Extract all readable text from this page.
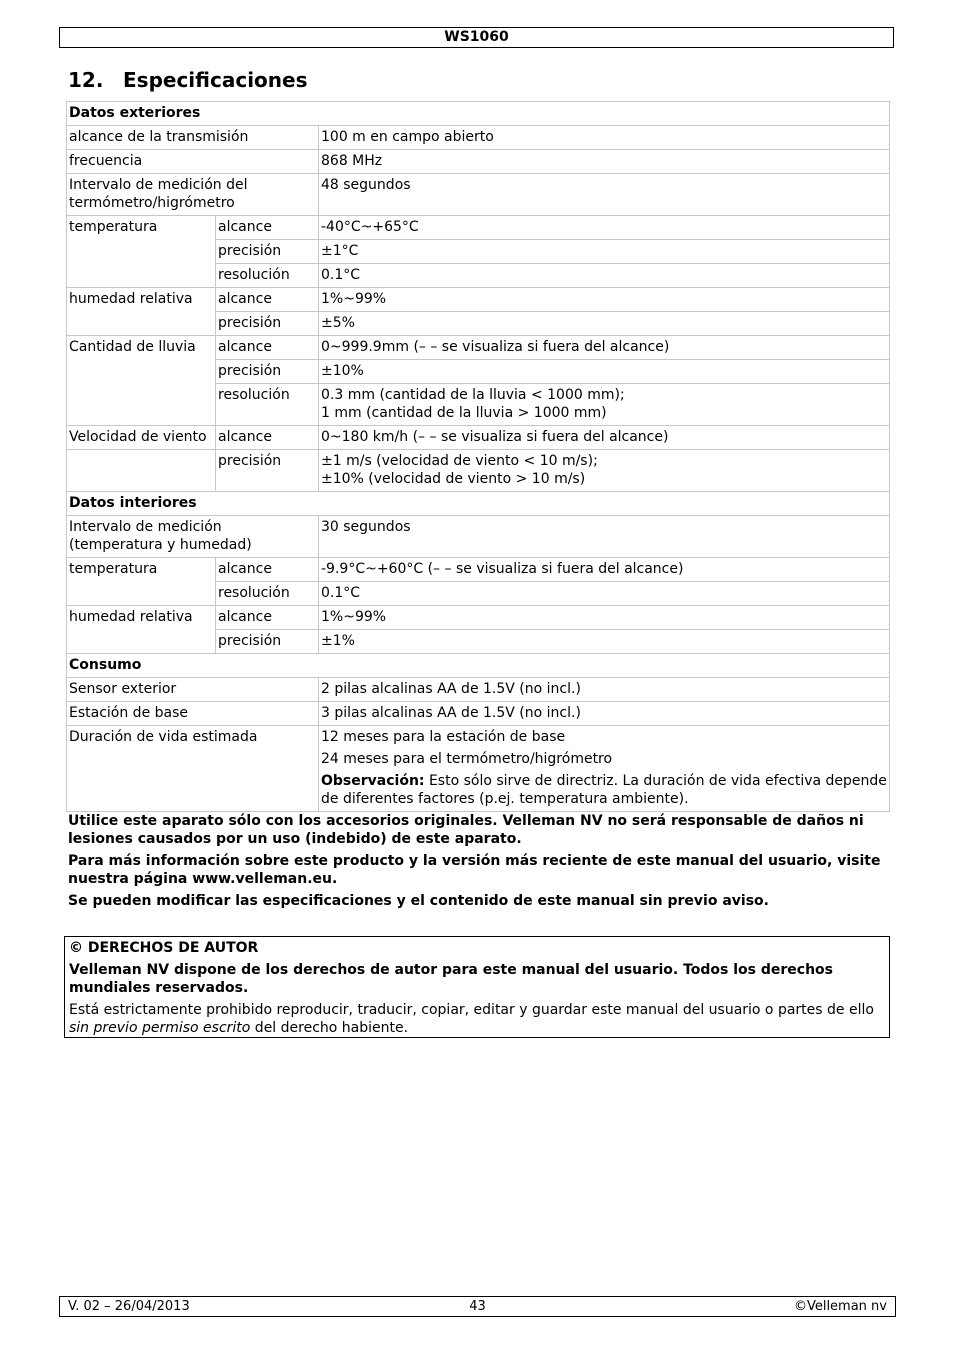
WS1060
12. Especificaciones
Datos exteriores		
alcance de la transmisión		100 m en campo abierto
frecuencia		868 MHz
Intervalo de medición del termómetro/higrómetro		48 segundos
temperatura	alcance	-40°C~+65°C
	precisión	±1°C
	resolución	0.1°C
humedad relativa	alcance	1%~99%
	precisión	±5%
Cantidad de lluvia	alcance	0~999.9mm (– – se visualiza si fuera del alcance)
	precisión	±10%
	resolución	0.3 mm (cantidad de la lluvia < 1000 mm);
1 mm (cantidad de la lluvia > 1000 mm)

Velocidad de viento	alcance	0~180 km/h (– – se visualiza si fuera del alcance)
	precisión	±1 m/s (velocidad de viento < 10 m/s);
±10% (velocidad de viento > 10 m/s)

Datos interiores		
Intervalo de medición (temperatura y humedad)		30 segundos
temperatura	alcance	-9.9°C~+60°C (– – se visualiza si fuera del alcance)
	resolución	0.1°C
humedad relativa	alcance	1%~99%
	precisión	±1%
Consumo		
Sensor exterior		2 pilas alcalinas AA de 1.5V (no incl.)
Estación de base		3 pilas alcalinas AA de 1.5V (no incl.)
Duración de vida estimada		12 meses para la estación de base
24 meses para el termómetro/higrómetro
Observación: Esto sólo sirve de directriz. La duración de vida efectiva depende de diferentes factores (p.ej. temperatura ambiente).

Utilice este aparato sólo con los accesorios originales. Velleman NV no será responsable de daños ni lesiones causados por un uso (indebido) de este aparato.

Para más información sobre este producto y la versión más reciente de este manual del usuario, visite nuestra página www.velleman.eu.

Se pueden modificar las especificaciones y el contenido de este manual sin previo aviso.

© DERECHOS DE AUTOR

Velleman NV dispone de los derechos de autor para este manual del usuario. Todos los derechos mundiales reservados.

Está estrictamente prohibido reproducir, traducir, copiar, editar y guardar este manual del usuario o partes de ello sin previo permiso escrito del derecho habiente.

V. 02 – 26/04/2013	43	©Velleman nv
